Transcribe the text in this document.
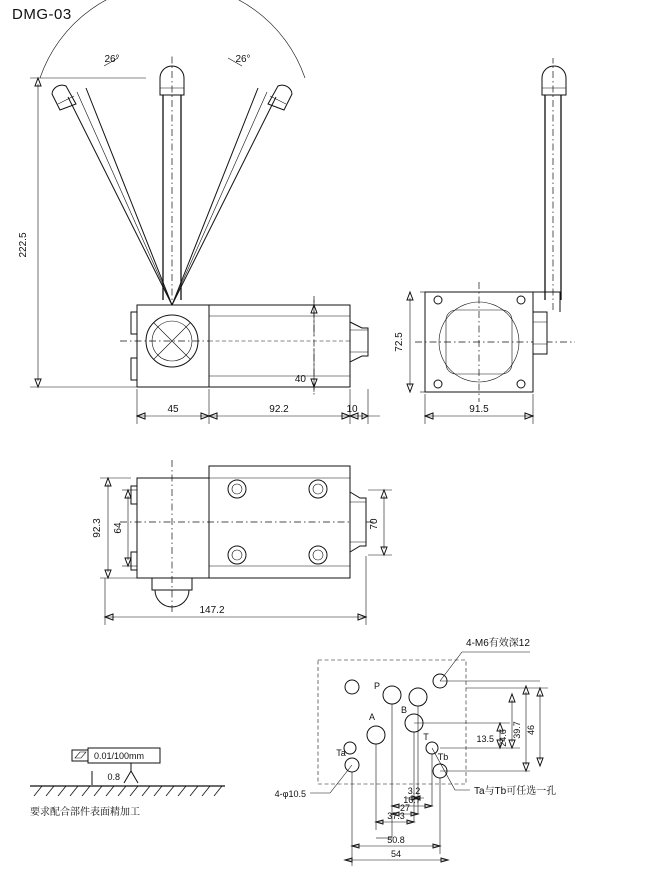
DMG-03
222.5
26°	26°
40
45	92.2	10
72.5
91.5
92.3 64	70
147.2
0.01/100mm
0.8
要求配合部件表面精加工
P
B
A
T
Ta	Tb
4-M6有效深12
4-φ10.5	Ta与Tb可任选一孔
13.5 24.6 39.7 46
3.2
16.7
27
37.3
50.8
54
